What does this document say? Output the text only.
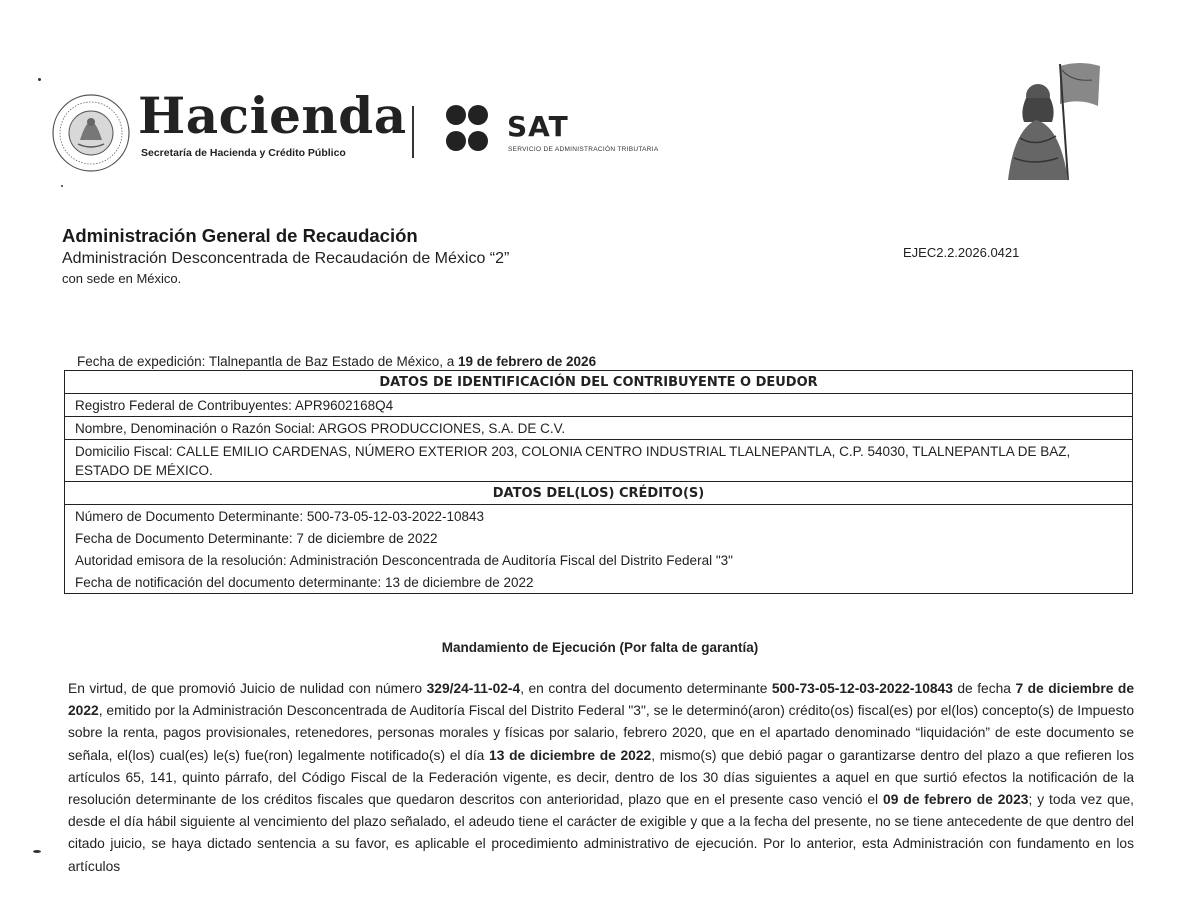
Hacienda
Secretaría de Hacienda y Crédito Público
SAT
SERVICIO DE ADMINISTRACIÓN TRIBUTARIA
Administración General de Recaudación
Administración Desconcentrada de Recaudación de México “2”
con sede en México.
EJEC2.2.2026.0421
Fecha de expedición: Tlalnepantla de Baz Estado de México, a 19 de febrero de 2026
DATOS DE IDENTIFICACIÓN DEL CONTRIBUYENTE O DEUDOR
Registro Federal de Contribuyentes: APR9602168Q4
Nombre, Denominación o Razón Social: ARGOS PRODUCCIONES, S.A. DE C.V.
Domicilio Fiscal: CALLE EMILIO CARDENAS, NÚMERO EXTERIOR 203, COLONIA CENTRO INDUSTRIAL TLALNEPANTLA, C.P. 54030, TLALNEPANTLA DE BAZ, ESTADO DE MÉXICO.
DATOS DEL(LOS) CRÉDITO(S)
Número de Documento Determinante: 500-73-05-12-03-2022-10843
Fecha de Documento Determinante: 7 de diciembre de 2022
Autoridad emisora de la resolución: Administración Desconcentrada de Auditoría Fiscal del Distrito Federal "3"
Fecha de notificación del documento determinante: 13 de diciembre de 2022
Mandamiento de Ejecución (Por falta de garantía)
En virtud, de que promovió Juicio de nulidad con número 329/24-11-02-4, en contra del documento determinante 500-73-05-12-03-2022-10843 de fecha 7 de diciembre de 2022, emitido por la Administración Desconcentrada de Auditoría Fiscal del Distrito Federal "3", se le determinó(aron) crédito(os) fiscal(es) por el(los) concepto(s) de Impuesto sobre la renta, pagos provisionales, retenedores, personas morales y físicas por salario, febrero 2020, que en el apartado denominado “liquidación” de este documento se señala, el(los) cual(es) le(s) fue(ron) legalmente notificado(s) el día 13 de diciembre de 2022, mismo(s) que debió pagar o garantizarse dentro del plazo a que refieren los artículos 65, 141, quinto párrafo, del Código Fiscal de la Federación vigente, es decir, dentro de los 30 días siguientes a aquel en que surtió efectos la notificación de la resolución determinante de los créditos fiscales que quedaron descritos con anterioridad, plazo que en el presente caso venció el 09 de febrero de 2023; y toda vez que, desde el día hábil siguiente al vencimiento del plazo señalado, el adeudo tiene el carácter de exigible y que a la fecha del presente, no se tiene antecedente de que dentro del citado juicio, se haya dictado sentencia a su favor, es aplicable el procedimiento administrativo de ejecución. Por lo anterior, esta Administración con fundamento en los artículos
